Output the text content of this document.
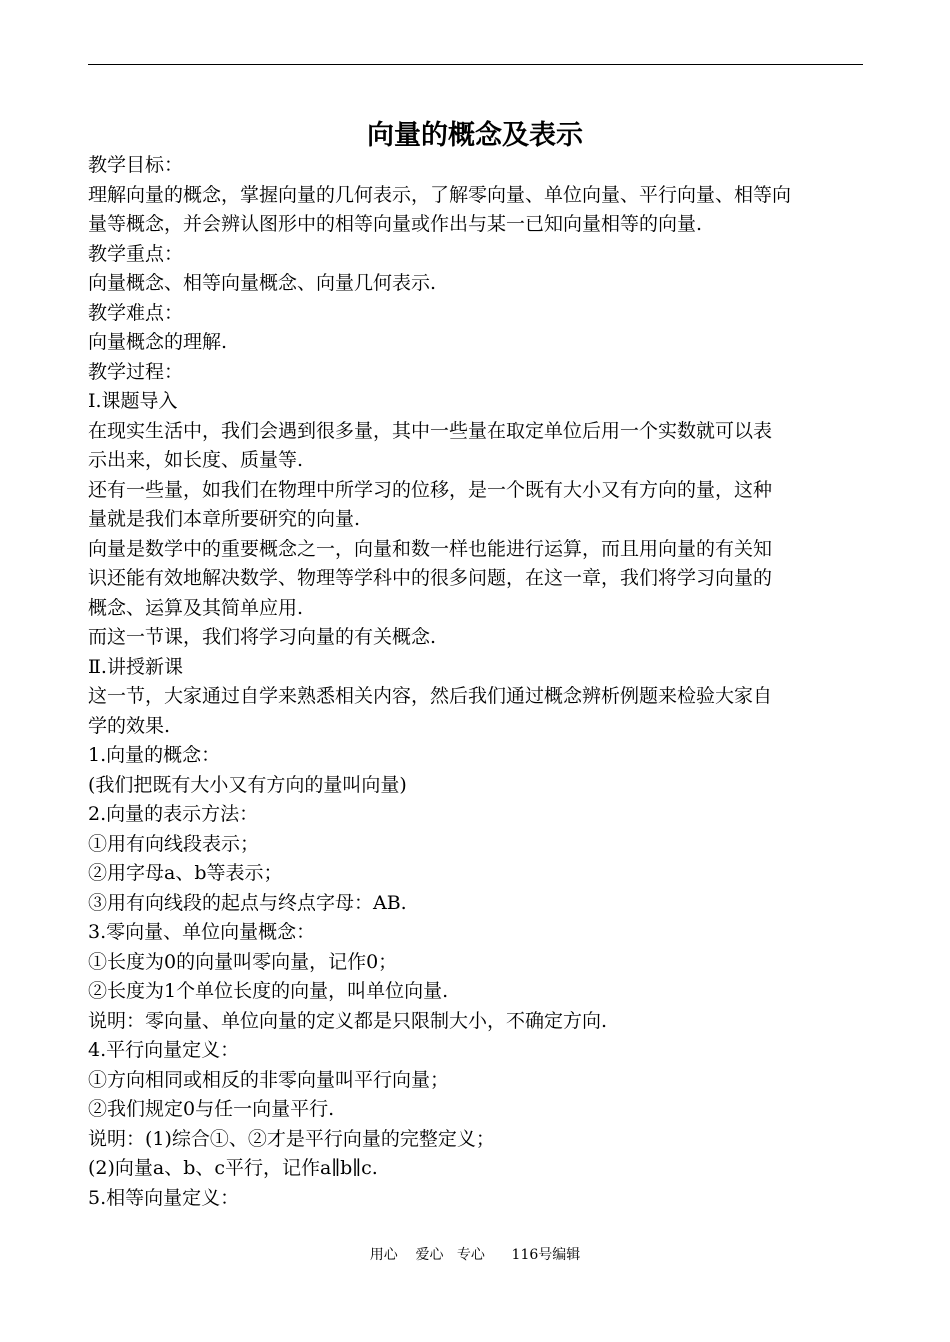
向量的概念及表示
教学目标：
理解向量的概念，掌握向量的几何表示，了解零向量、单位向量、平行向量、相等向
量等概念，并会辨认图形中的相等向量或作出与某一已知向量相等的向量.
教学重点：
向量概念、相等向量概念、向量几何表示.
教学难点：
向量概念的理解.
教学过程：
Ⅰ.课题导入
在现实生活中，我们会遇到很多量，其中一些量在取定单位后用一个实数就可以表
示出来，如长度、质量等.
还有一些量，如我们在物理中所学习的位移，是一个既有大小又有方向的量，这种
量就是我们本章所要研究的向量.
向量是数学中的重要概念之一，向量和数一样也能进行运算，而且用向量的有关知
识还能有效地解决数学、物理等学科中的很多问题，在这一章，我们将学习向量的
概念、运算及其简单应用.
而这一节课，我们将学习向量的有关概念.
Ⅱ.讲授新课
这一节，大家通过自学来熟悉相关内容，然后我们通过概念辨析例题来检验大家自
学的效果.
1.向量的概念：
(我们把既有大小又有方向的量叫向量)
2.向量的表示方法：
①用有向线段表示；
②用字母a、b等表示；
③用有向线段的起点与终点字母：AB.
3.零向量、单位向量概念：
①长度为0的向量叫零向量，记作0；
②长度为1个单位长度的向量，叫单位向量.
说明：零向量、单位向量的定义都是只限制大小，不确定方向.
4.平行向量定义：
①方向相同或相反的非零向量叫平行向量；
②我们规定0与任一向量平行.
说明：(1)综合①、②才是平行向量的完整定义；
(2)向量a、b、c平行，记作a∥b∥c.
5.相等向量定义：
用心    爱心   专心      116号编辑
